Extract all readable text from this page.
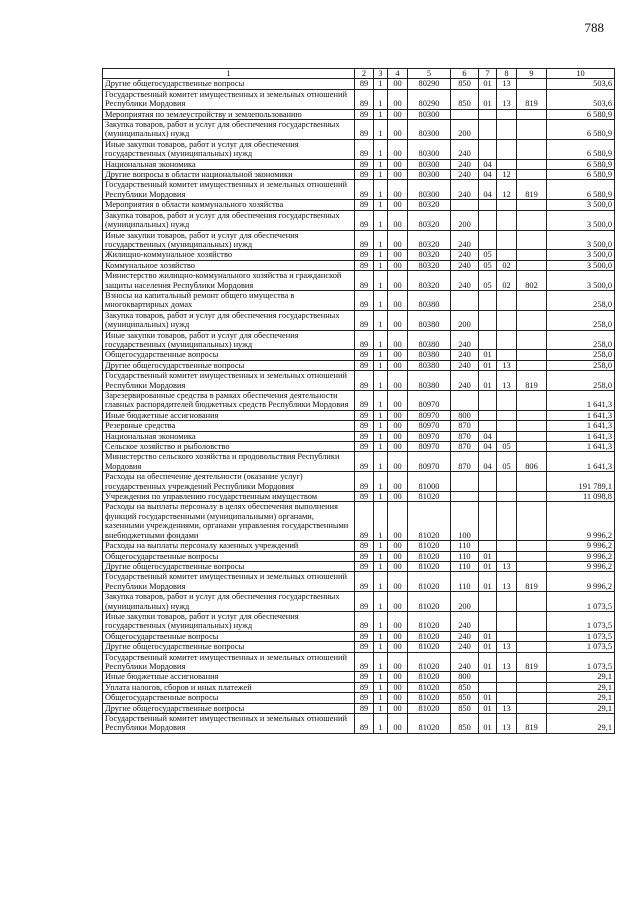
788
1	2	3	4	5	6	7	8	9	10
Другие общегосударственные вопросы	89	1	00	80290	850	01	13		503,6
Государственный комитет имущественных и земельных отношений Республики Мордовия	89	1	00	80290	850	01	13	819	503,6
Мероприятия по землеустройству и землепользованию	89	1	00	80300					6 580,9
Закупка товаров, работ и услуг для обеспечения государственных (муниципальных) нужд	89	1	00	80300	200				6 580,9
Иные закупки товаров, работ и услуг для обеспечения государственных (муниципальных) нужд	89	1	00	80300	240				6 580,9
Национальная экономика	89	1	00	80300	240	04			6 580,9
Другие вопросы в области национальной экономики	89	1	00	80300	240	04	12		6 580,9
Государственный комитет имущественных и земельных отношений Республики Мордовия	89	1	00	80300	240	04	12	819	6 580,9
Мероприятия в области коммунального хозяйства	89	1	00	80320					3 500,0
Закупка товаров, работ и услуг для обеспечения государственных (муниципальных) нужд	89	1	00	80320	200				3 500,0
Иные закупки товаров, работ и услуг для обеспечения государственных (муниципальных) нужд	89	1	00	80320	240				3 500,0
Жилищно-коммунальное хозяйство	89	1	00	80320	240	05			3 500,0
Коммунальное хозяйство	89	1	00	80320	240	05	02		3 500,0
Министерство жилищно-коммунального хозяйства и гражданской защиты населения Республики Мордовия	89	1	00	80320	240	05	02	802	3 500,0
Взносы на капитальный ремонт общего имущества в многоквартирных домах	89	1	00	80380					258,0
Закупка товаров, работ и услуг для обеспечения государственных (муниципальных) нужд	89	1	00	80380	200				258,0
Иные закупки товаров, работ и услуг для обеспечения государственных (муниципальных) нужд	89	1	00	80380	240				258,0
Общегосударственные вопросы	89	1	00	80380	240	01			258,0
Другие общегосударственные вопросы	89	1	00	80380	240	01	13		258,0
Государственный комитет имущественных и земельных отношений Республики Мордовия	89	1	00	80380	240	01	13	819	258,0
Зарезервированные средства в рамках обеспечения деятельности главных распорядителей бюджетных средств Республики Мордовия	89	1	00	80970					1 641,3
Иные бюджетные ассигнования	89	1	00	80970	800				1 641,3
Резервные средства	89	1	00	80970	870				1 641,3
Национальная экономика	89	1	00	80970	870	04			1 641,3
Сельское хозяйство и рыболовство	89	1	00	80970	870	04	05		1 641,3
Министерство сельского хозяйства и продовольствия Республики Мордовия	89	1	00	80970	870	04	05	806	1 641,3
Расходы на обеспечение деятельности (оказание услуг) государственных учреждений Республики Мордовия	89	1	00	81000					191 789,1
Учреждения по управлению государственным имуществом	89	1	00	81020					11 098,8
Расходы на выплаты персоналу в целях обеспечения выполнения функций государственными (муниципальными) органами, казенными учреждениями, органами управления государственными внебюджетными фондами	89	1	00	81020	100				9 996,2
Расходы на выплаты персоналу казенных учреждений	89	1	00	81020	110				9 996,2
Общегосударственные вопросы	89	1	00	81020	110	01			9 996,2
Другие общегосударственные вопросы	89	1	00	81020	110	01	13		9 996,2
Государственный комитет имущественных и земельных отношений Республики Мордовия	89	1	00	81020	110	01	13	819	9 996,2
Закупка товаров, работ и услуг для обеспечения государственных (муниципальных) нужд	89	1	00	81020	200				1 073,5
Иные закупки товаров, работ и услуг для обеспечения государственных (муниципальных) нужд	89	1	00	81020	240				1 073,5
Общегосударственные вопросы	89	1	00	81020	240	01			1 073,5
Другие общегосударственные вопросы	89	1	00	81020	240	01	13		1 073,5
Государственный комитет имущественных и земельных отношений Республики Мордовия	89	1	00	81020	240	01	13	819	1 073,5
Иные бюджетные ассигнования	89	1	00	81020	800				29,1
Уплата налогов, сборов и иных платежей	89	1	00	81020	850				29,1
Общегосударственные вопросы	89	1	00	81020	850	01			29,1
Другие общегосударственные вопросы	89	1	00	81020	850	01	13		29,1
Государственный комитет имущественных и земельных отношений Республики Мордовия	89	1	00	81020	850	01	13	819	29,1
